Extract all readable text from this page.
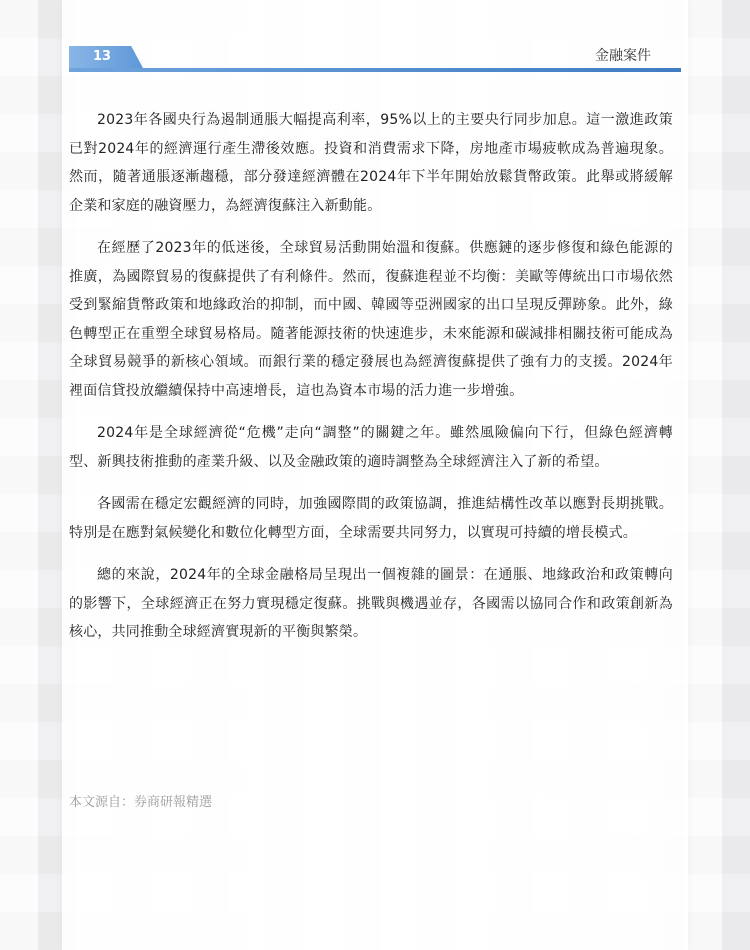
13	金融案件

2023年各國央行為遏制通脹大幅提高利率，95%以上的主要央行同步加息。這一激進政策已對2024年的經濟運行產生滯後效應。投資和消費需求下降，房地產市場疲軟成為普遍現象。然而，隨著通脹逐漸趨穩，部分發達經濟體在2024年下半年開始放鬆貨幣政策。此舉或將緩解企業和家庭的融資壓力，為經濟復蘇注入新動能。

在經歷了2023年的低迷後，全球貿易活動開始溫和復蘇。供應鏈的逐步修復和綠色能源的推廣，為國際貿易的復蘇提供了有利條件。然而，復蘇進程並不均衡：美歐等傳統出口市場依然受到緊縮貨幣政策和地緣政治的抑制，而中國、韓國等亞洲國家的出口呈現反彈跡象。此外，綠色轉型正在重塑全球貿易格局。隨著能源技術的快速進步，未來能源和碳減排相關技術可能成為全球貿易競爭的新核心領域。而銀行業的穩定發展也為經濟復蘇提供了強有力的支援。2024年裡面信貸投放繼續保持中高速增長，這也為資本市場的活力進一步增強。

2024年是全球經濟從“危機”走向“調整”的關鍵之年。雖然風險偏向下行，但綠色經濟轉型、新興技術推動的產業升級、以及金融政策的適時調整為全球經濟注入了新的希望。

各國需在穩定宏觀經濟的同時，加強國際間的政策協調，推進結構性改革以應對長期挑戰。特別是在應對氣候變化和數位化轉型方面，全球需要共同努力，以實現可持續的增長模式。

總的來說，2024年的全球金融格局呈現出一個複雜的圖景：在通脹、地緣政治和政策轉向的影響下，全球經濟正在努力實現穩定復蘇。挑戰與機遇並存，各國需以協同合作和政策創新為核心，共同推動全球經濟實現新的平衡與繁榮。

本文源自：券商研報精選
